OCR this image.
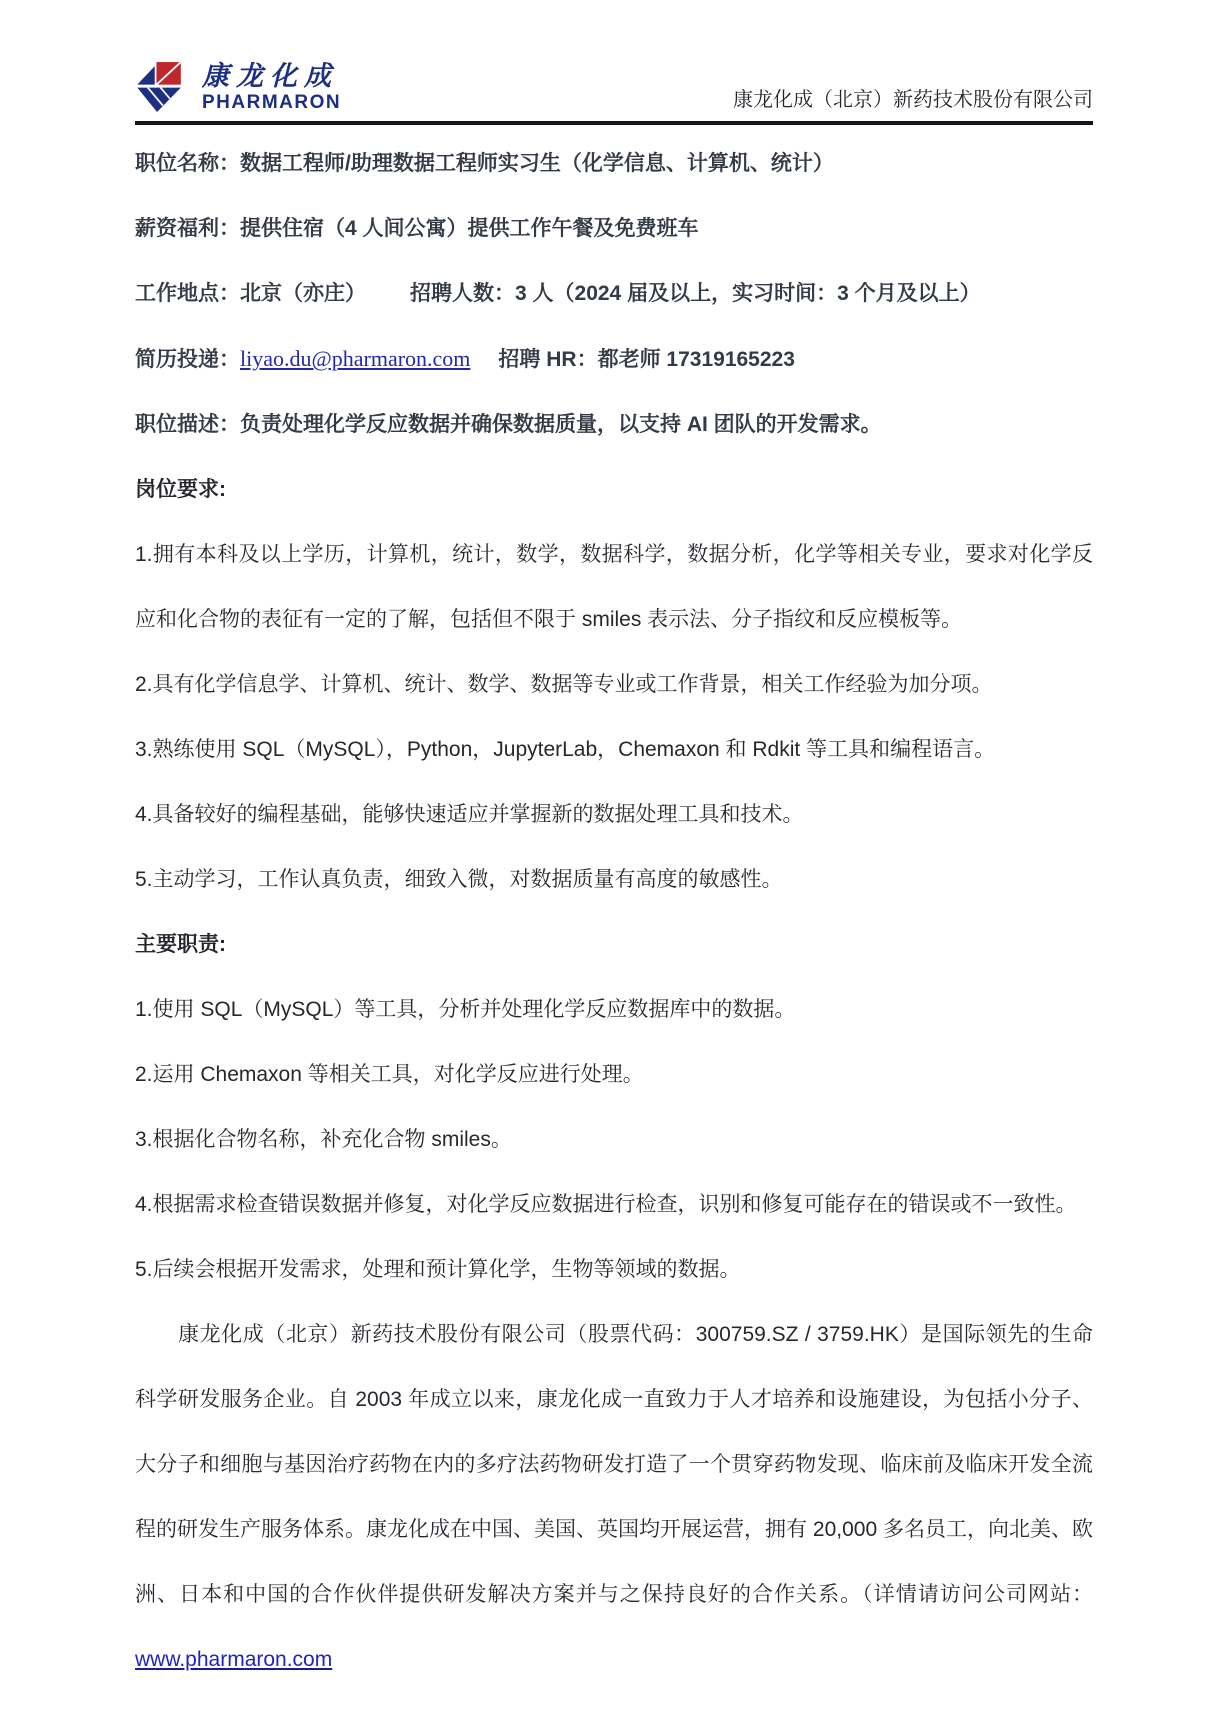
康龙化成
PHARMARON	康龙化成（北京）新药技术股份有限公司

职位名称：数据工程师/助理数据工程师实习生（化学信息、计算机、统计）

薪资福利：提供住宿（4 人间公寓）提供工作午餐及免费班车

工作地点：北京（亦庄） 招聘人数：3 人（2024 届及以上，实习时间：3 个月及以上）

简历投递：liyao.du@pharmaron.com 招聘 HR：都老师 17319165223

职位描述：负责处理化学反应数据并确保数据质量，以支持 AI 团队的开发需求。

岗位要求:

1.拥有本科及以上学历，计算机，统计，数学，数据科学，数据分析，化学等相关专业，要求对化学反应和化合物的表征有一定的了解，包括但不限于 smiles 表示法、分子指纹和反应模板等。

2.具有化学信息学、计算机、统计、数学、数据等专业或工作背景，相关工作经验为加分项。

3.熟练使用 SQL（MySQL），Python，JupyterLab，Chemaxon 和 Rdkit 等工具和编程语言。

4.具备较好的编程基础，能够快速适应并掌握新的数据处理工具和技术。

5.主动学习，工作认真负责，细致入微，对数据质量有高度的敏感性。

主要职责:

1.使用 SQL（MySQL）等工具，分析并处理化学反应数据库中的数据。

2.运用 Chemaxon 等相关工具，对化学反应进行处理。

3.根据化合物名称，补充化合物 smiles。

4.根据需求检查错误数据并修复，对化学反应数据进行检查，识别和修复可能存在的错误或不一致性。

5.后续会根据开发需求，处理和预计算化学，生物等领域的数据。

康龙化成（北京）新药技术股份有限公司（股票代码：300759.SZ / 3759.HK）是国际领先的生命科学研发服务企业。自 2003 年成立以来，康龙化成一直致力于人才培养和设施建设，为包括小分子、大分子和细胞与基因治疗药物在内的多疗法药物研发打造了一个贯穿药物发现、临床前及临床开发全流程的研发生产服务体系。康龙化成在中国、美国、英国均开展运营，拥有 20,000 多名员工，向北美、欧洲、日本和中国的合作伙伴提供研发解决方案并与之保持良好的合作关系。（详情请访问公司网站：www.pharmaron.com
